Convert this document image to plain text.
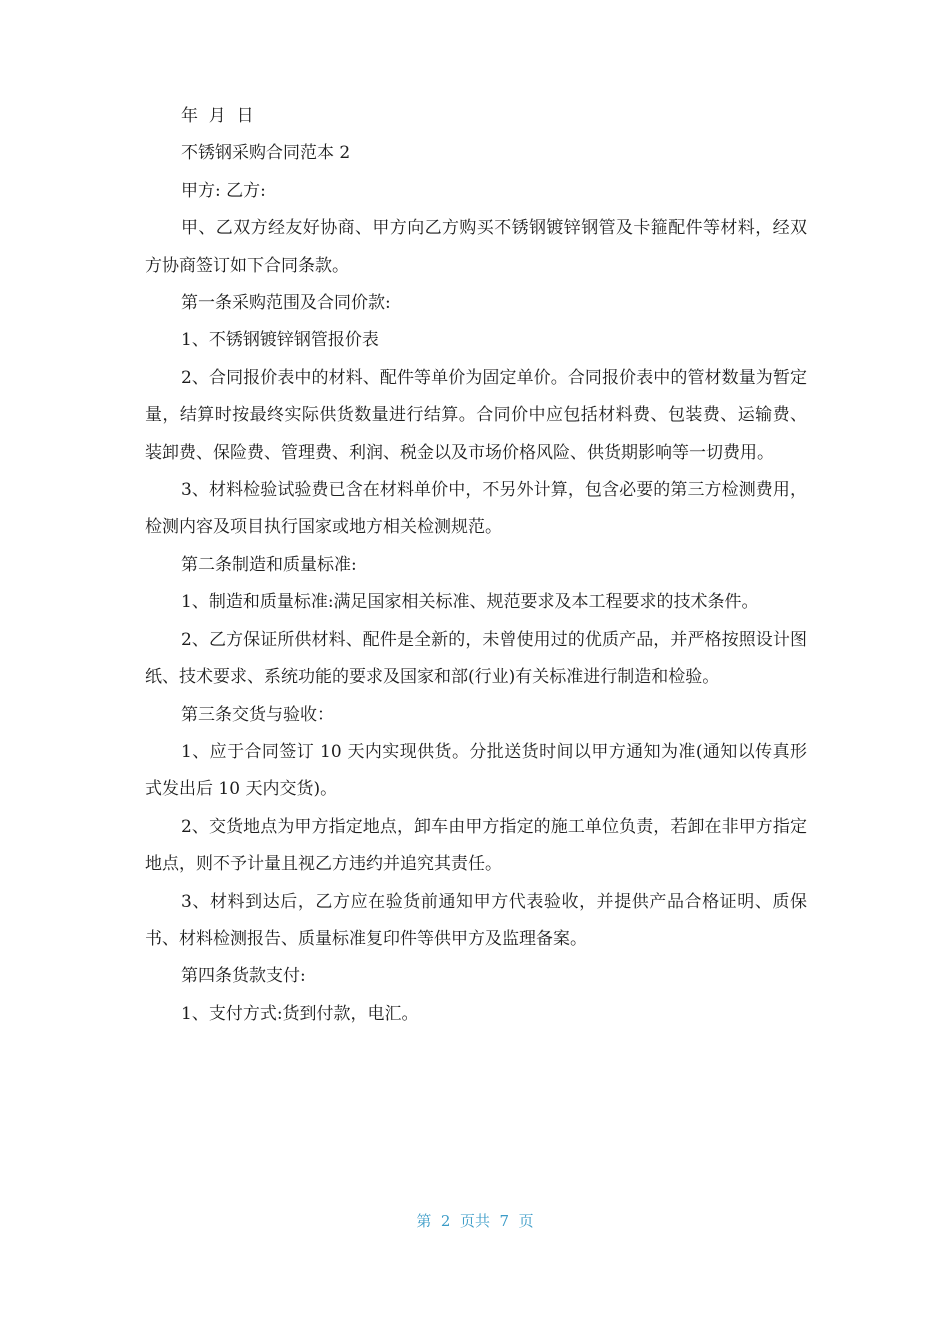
年  月  日

不锈钢采购合同范本 2

甲方: 乙方:

甲、乙双方经友好协商、甲方向乙方购买不锈钢镀锌钢管及卡箍配件等材料，经双方协商签订如下合同条款。

第一条采购范围及合同价款:

1、不锈钢镀锌钢管报价表

2、合同报价表中的材料、配件等单价为固定单价。合同报价表中的管材数量为暂定量，结算时按最终实际供货数量进行结算。合同价中应包括材料费、包装费、运输费、装卸费、保险费、管理费、利润、税金以及市场价格风险、供货期影响等一切费用。

3、材料检验试验费已含在材料单价中，不另外计算，包含必要的第三方检测费用，检测内容及项目执行国家或地方相关检测规范。

第二条制造和质量标准:

1、制造和质量标准:满足国家相关标准、规范要求及本工程要求的技术条件。

2、乙方保证所供材料、配件是全新的，未曾使用过的优质产品，并严格按照设计图纸、技术要求、系统功能的要求及国家和部(行业)有关标准进行制造和检验。

第三条交货与验收：

1、应于合同签订 10 天内实现供货。分批送货时间以甲方通知为准(通知以传真形式发出后 10 天内交货)。

2、交货地点为甲方指定地点，卸车由甲方指定的施工单位负责，若卸在非甲方指定地点，则不予计量且视乙方违约并追究其责任。

3、材料到达后，乙方应在验货前通知甲方代表验收，并提供产品合格证明、质保书、材料检测报告、质量标准复印件等供甲方及监理备案。

第四条货款支付:

1、支付方式:货到付款，电汇。

第  2  页共  7  页
